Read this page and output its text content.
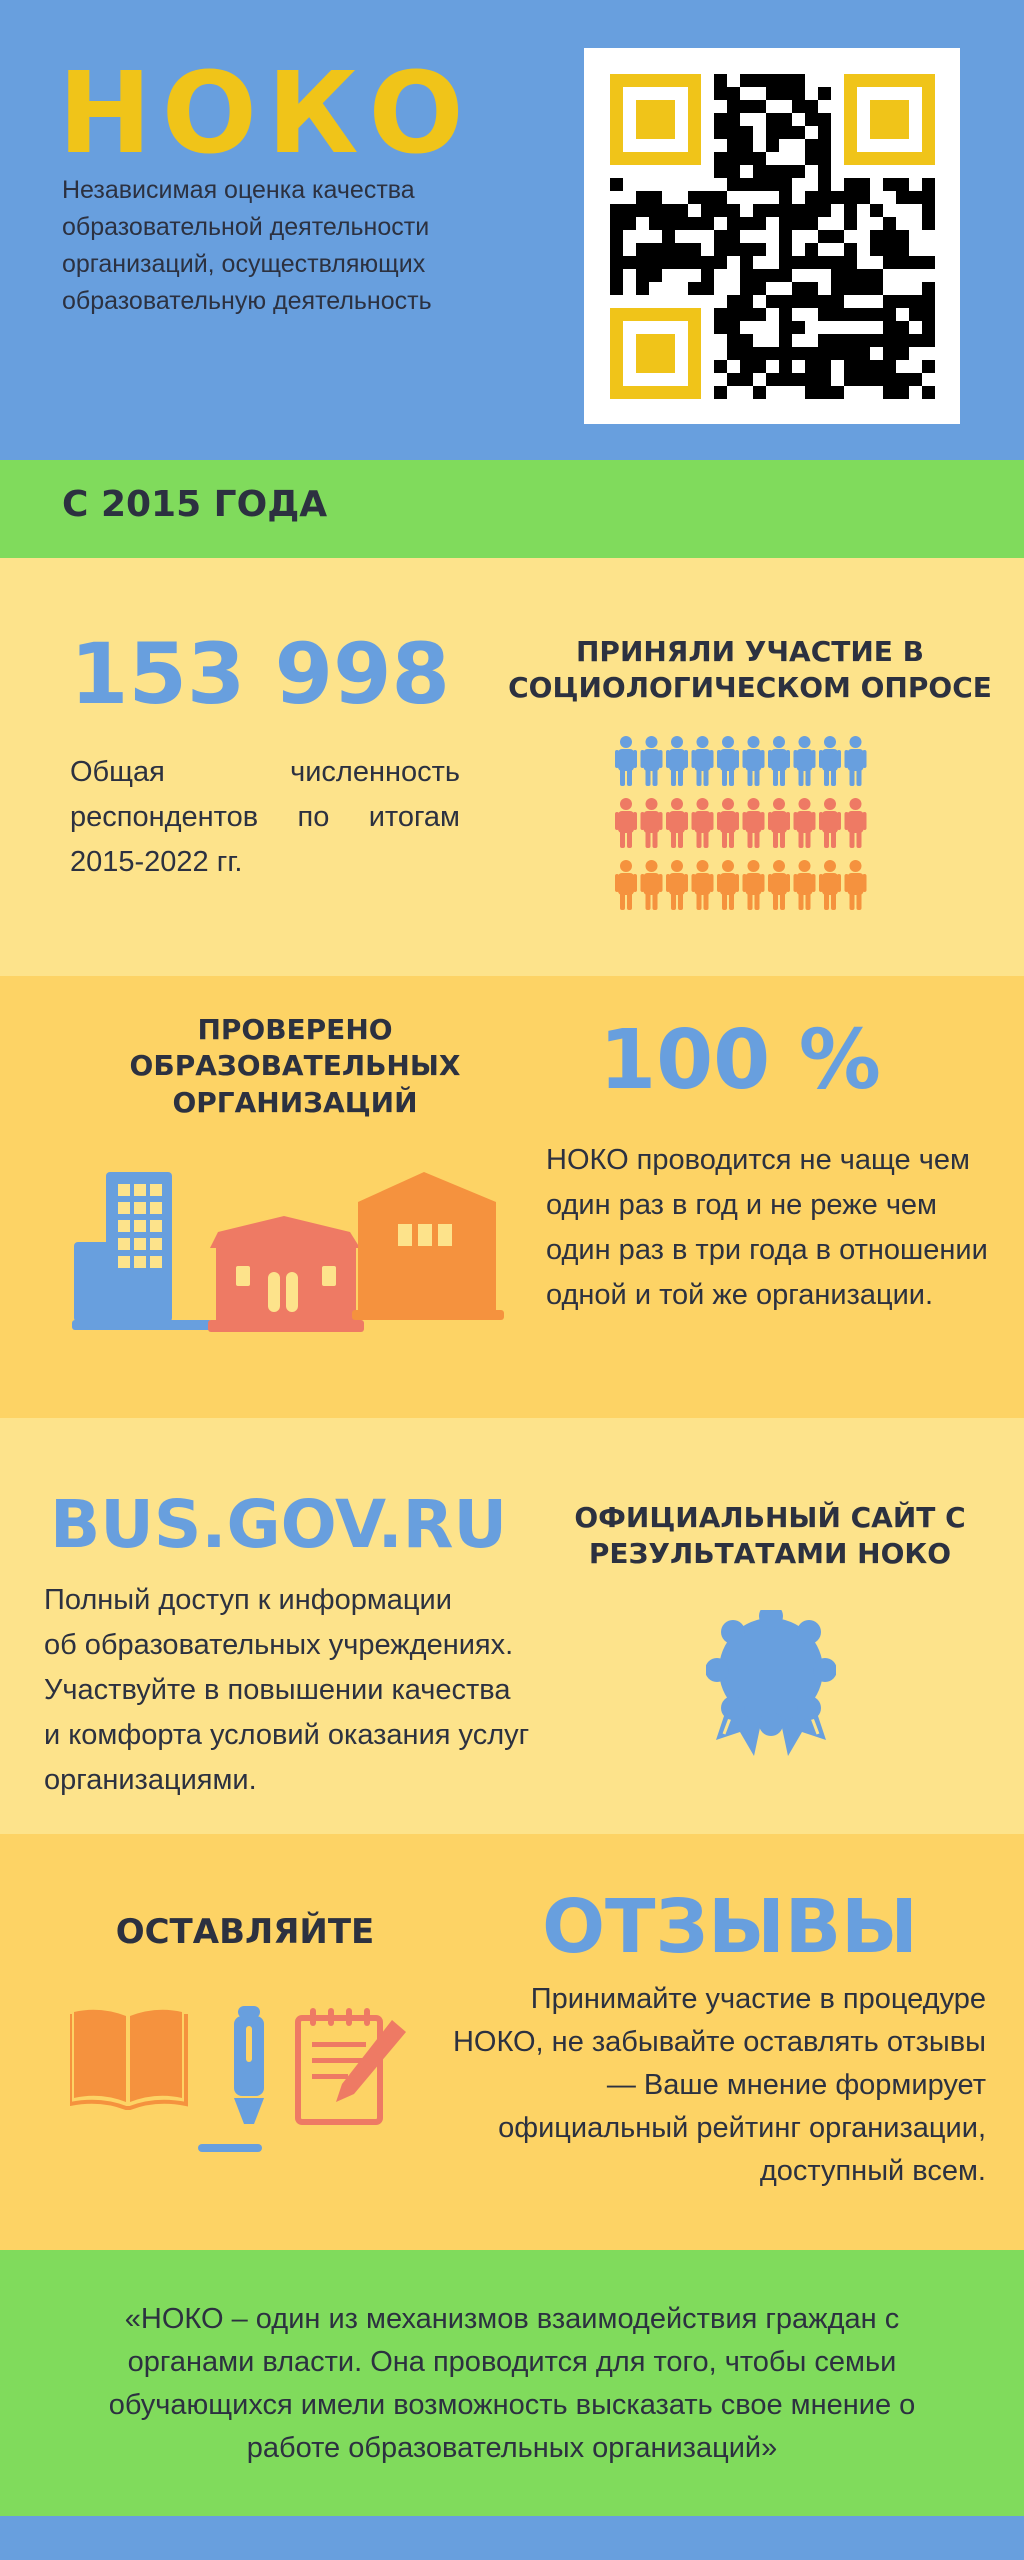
НОКО
Независимая оценка качества образовательной деятельности организаций, осуществляющих образовательную деятельность
С 2015 ГОДА
153 998
Общая численность респондентов по итогам 2015-2022 гг.
ПРИНЯЛИ УЧАСТИЕ В СОЦИОЛОГИЧЕСКОМ ОПРОСЕ
ПРОВЕРЕНО ОБРАЗОВАТЕЛЬНЫХ ОРГАНИЗАЦИЙ	100 %
НОКО проводится не чаще чем один раз в год и не реже чем один раз в три года в отношении одной и той же организации.
BUS.GOV.RU
Полный доступ к информации
об образовательных учреждениях.
Участвуйте в повышении качества
и комфорта условий оказания услуг
организациями.
ОФИЦИАЛЬНЫЙ САЙТ С РЕЗУЛЬТАТАМИ НОКО
ОСТАВЛЯЙТЕ	ОТЗЫВЫ
Принимайте участие в процедуре НОКО, не забывайте оставлять отзывы — Ваше мнение формирует официальный рейтинг организации, доступный всем.
«НОКО – один из механизмов взаимодействия граждан с органами власти. Она проводится для того, чтобы семьи обучающихся имели возможность высказать свое мнение о работе образовательных организаций»
